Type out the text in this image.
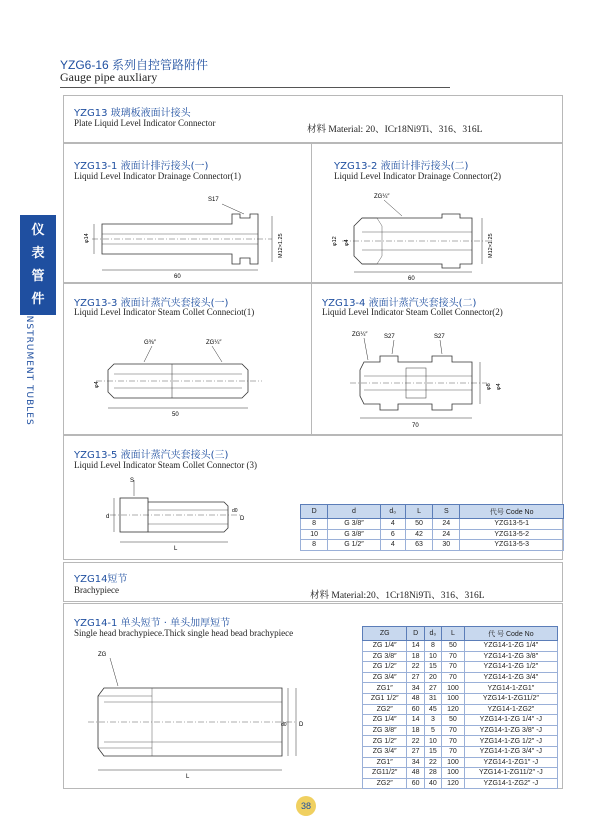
YZG6-16 系列自控管路附件
Gauge pipe auxliary
仪
表
管
件
INSTRUMENT TUBLES
YZG13 玻璃板液面计接头
Plate Liquid Level Indicator Connector
材料 Material: 20、ICr18Ni9Ti、316、316L
YZG13-1 液面计排污接头(一)
Liquid Level Indicator Drainage Connector(1)
YZG13-2 液面计排污接头(二)
Liquid Level Indicator Drainage Connector(2)
S17
φ14	M12×1.25
60
ZG¼″
φ12 φ4	M12×1.25
60
YZG13-3 液面计蒸汽夹套接头(一)
Liquid Level Indicator Steam Collet Conneciot(1)
YZG13-4 液面计蒸汽夹套接头(二)
Liquid Level Indicator Steam Collet Connector(2)
G⅜″	ZG¼″
φ4
50
ZG¼″	S27	S27
φ8 φ4
70
YZG13-5 液面计蒸汽夹套接头(三)
Liquid Level Indicator Steam Collet Connector (3)
S
d
d0
D
L
D	d	d₀	L	S	代号 Code No
8	G 3/8″	4	50	24	YZG13-5-1
10	G 3/8″	6	42	24	YZG13-5-2
8	G 1/2″	4	63	30	YZG13-5-3
YZG14短节
Brachypiece
材料 Material:20、1Cr18Ni9Ti、316、316L
YZG14-1 单头短节 · 单头加厚短节
Single head brachypiece.Thick single head bead brachypiece
ZG
d0 D
L
ZG	D	d₀	L	代 号 Code No
ZG 1/4″	14	8	50	YZG14-1-ZG 1/4″
ZG 3/8″	18	10	70	YZG14-1-ZG 3/8″
ZG 1/2″	22	15	70	YZG14-1-ZG 1/2″
ZG 3/4″	27	20	70	YZG14-1-ZG 3/4″
ZG1″	34	27	100	YZG14-1-ZG1″
ZG1 1/2″	48	31	100	YZG14-1-ZG11/2″
ZG2″	60	45	120	YZG14-1-ZG2″
ZG 1/4″	14	3	50	YZG14-1-ZG 1/4″ -J
ZG 3/8″	18	5	70	YZG14-1-ZG 3/8″ -J
ZG 1/2″	22	10	70	YZG14-1-ZG 1/2″ -J
ZG 3/4″	27	15	70	YZG14-1-ZG 3/4″ -J
ZG1″	34	22	100	YZG14-1-ZG1″ -J
ZG11/2″	48	28	100	YZG14-1-ZG11/2″ -J
ZG2″	60	40	120	YZG14-1-ZG2″ -J
38
